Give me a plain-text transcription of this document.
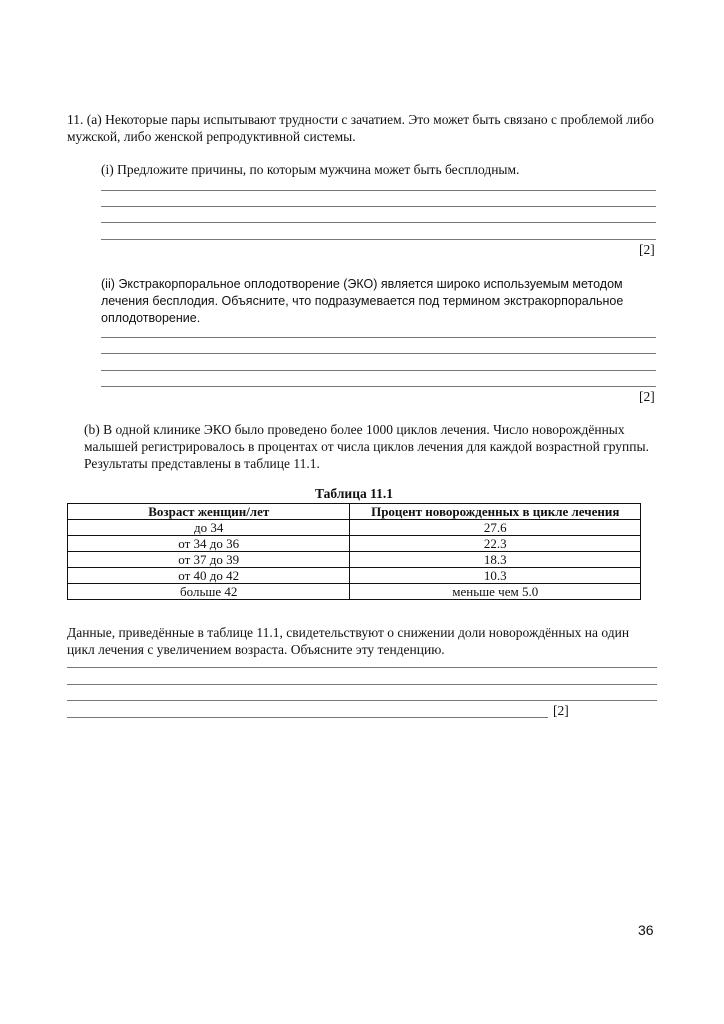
11. (a) Некоторые пары испытывают трудности с зачатием. Это может быть связано с проблемой либо мужской, либо женской репродуктивной системы.
(i) Предложите причины, по которым мужчина может быть бесплодным.
[2]
(ii) Экстракорпоральное оплодотворение (ЭКО) является широко используемым методом лечения бесплодия. Объясните, что подразумевается под термином экстракорпоральное оплодотворение.
[2]
(b) В одной клинике ЭКО было проведено более 1000 циклов лечения. Число новорождённых малышей регистрировалось в процентах от числа циклов лечения для каждой возрастной группы. Результаты представлены в таблице 11.1.
Таблица 11.1
Возраст женщин/лет	Процент новорожденных в цикле лечения
до 34	27.6
от 34 до 36	22.3
от 37 до 39	18.3
от 40 до 42	10.3
больше 42	меньше чем 5.0
Данные, приведённые в таблице 11.1, свидетельствуют о снижении доли новорождённых на один цикл лечения с увеличением возраста. Объясните эту тенденцию.
[2]
36
